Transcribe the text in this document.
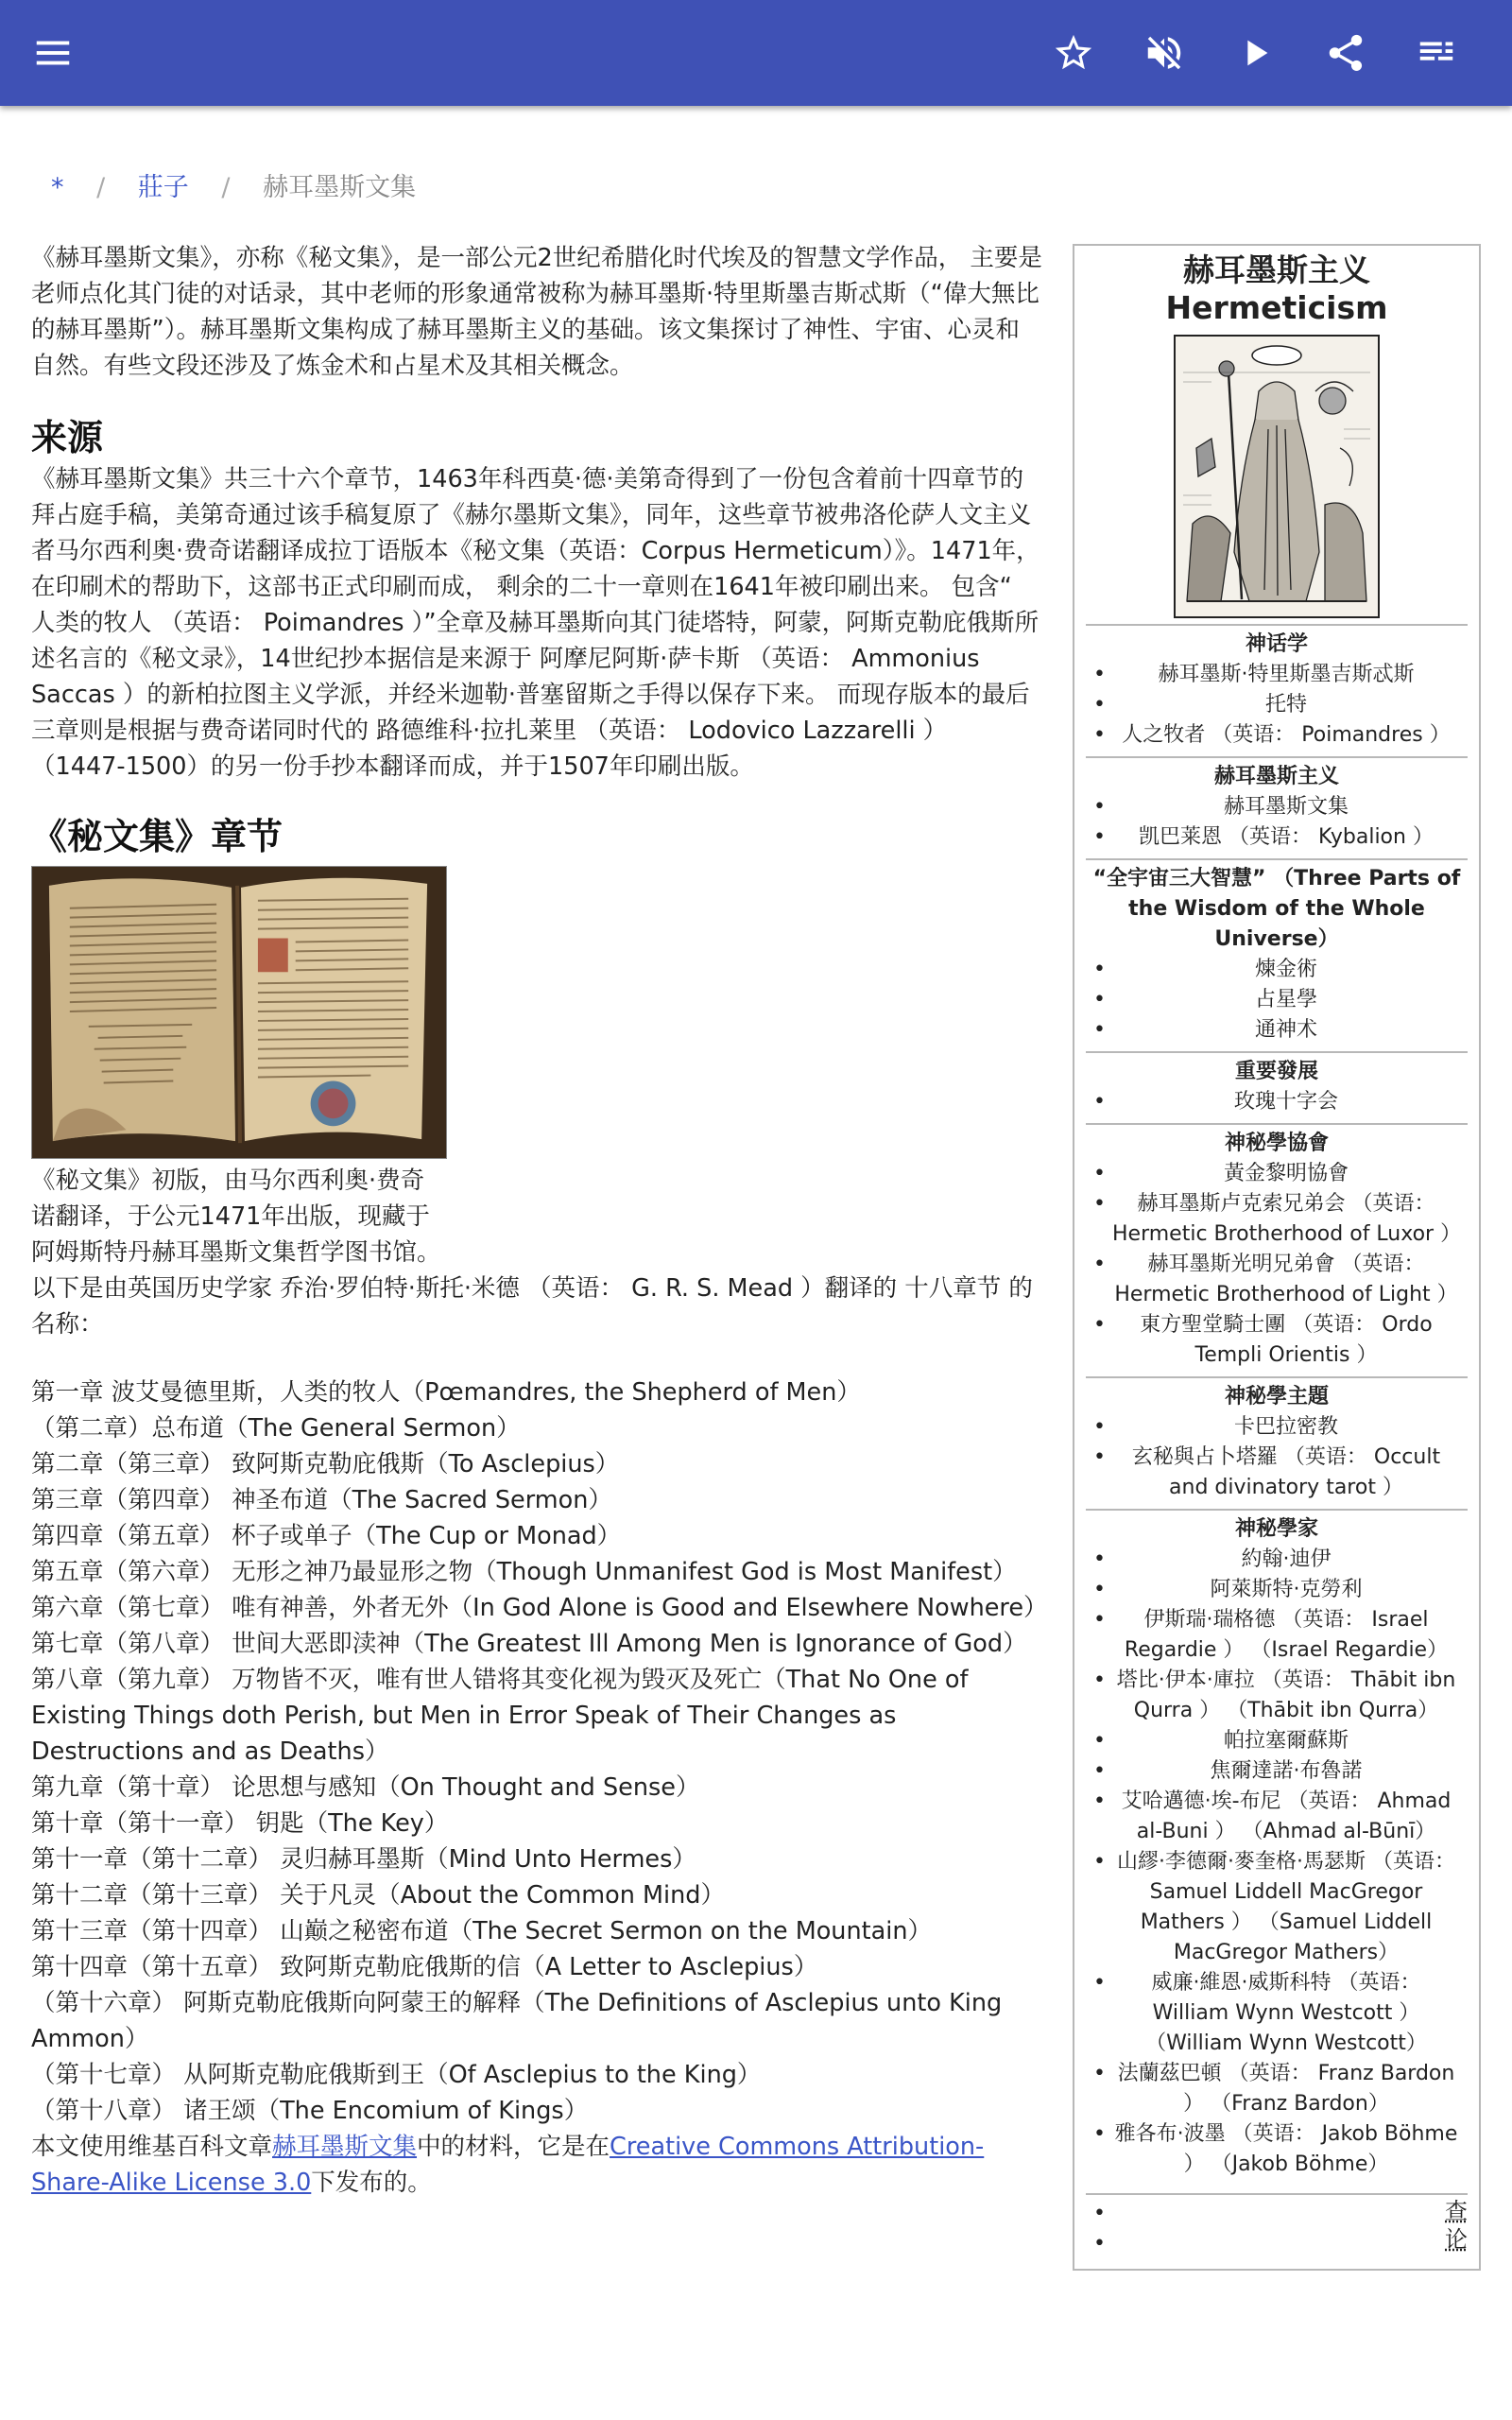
* / 莊子 / 赫耳墨斯文集

《赫耳墨斯文集》，亦称《秘文集》，是一部公元2世纪希腊化时代埃及的智慧文学作品， 主要是老师点化其门徒的对话录，其中老师的形象通常被称为赫耳墨斯·特里斯墨吉斯忒斯（“偉大無比的赫耳墨斯”）。赫耳墨斯文集构成了赫耳墨斯主义的基础。该文集探讨了神性、宇宙、心灵和自然。有些文段还涉及了炼金术和占星术及其相关概念。

来源

《赫耳墨斯文集》共三十六个章节，1463年科西莫·德·美第奇得到了一份包含着前十四章节的拜占庭手稿，美第奇通过该手稿复原了《赫尔墨斯文集》，同年，这些章节被弗洛伦萨人文主义者马尔西利奥·费奇诺翻译成拉丁语版本《秘文集（英语：Corpus Hermeticum）》。1471年，在印刷术的帮助下，这部书正式印刷而成， 剩余的二十一章则在1641年被印刷出来。 包含“ 人类的牧人 （英语： Poimandres ）”全章及赫耳墨斯向其门徒塔特，阿蒙，阿斯克勒庇俄斯所述名言的《秘文录》，14世纪抄本据信是来源于 阿摩尼阿斯·萨卡斯 （英语： Ammonius Saccas ）的新柏拉图主义学派，并经米迦勒·普塞留斯之手得以保存下来。 而现存版本的最后三章则是根据与费奇诺同时代的 路德维科·拉扎莱里 （英语： Lodovico Lazzarelli ） （1447-1500）的另一份手抄本翻译而成，并于1507年印刷出版。

《秘文集》章节
《秘文集》初版，由马尔西利奥·费奇诺翻译，于公元1471年出版，现藏于阿姆斯特丹赫耳墨斯文集哲学图书馆。

以下是由英国历史学家 乔治·罗伯特·斯托·米德 （英语： G. R. S. Mead ）翻译的 十八章节 的名称：

第一章 波艾曼德里斯，人类的牧人（Pœmandres, the Shepherd of Men）
（第二章）总布道（The General Sermon）
第二章（第三章） 致阿斯克勒庇俄斯（To Asclepius）
第三章（第四章） 神圣布道（The Sacred Sermon）
第四章（第五章） 杯子或单子（The Cup or Monad）
第五章（第六章） 无形之神乃最显形之物（Though Unmanifest God is Most Manifest）
第六章（第七章） 唯有神善，外者无外（In God Alone is Good and Elsewhere Nowhere）
第七章（第八章） 世间大恶即渎神（The Greatest Ill Among Men is Ignorance of God）
第八章（第九章） 万物皆不灭，唯有世人错将其变化视为毁灭及死亡（That No One of Existing Things doth Perish, but Men in Error Speak of Their Changes as Destructions and as Deaths）
第九章（第十章） 论思想与感知（On Thought and Sense）
第十章（第十一章） 钥匙（The Key）
第十一章（第十二章） 灵归赫耳墨斯（Mind Unto Hermes）
第十二章（第十三章） 关于凡灵（About the Common Mind）
第十三章（第十四章） 山巅之秘密布道（The Secret Sermon on the Mountain）
第十四章（第十五章） 致阿斯克勒庇俄斯的信（A Letter to Asclepius）
（第十六章） 阿斯克勒庇俄斯向阿蒙王的解释（The Definitions of Asclepius unto King Ammon）
（第十七章） 从阿斯克勒庇俄斯到王（Of Asclepius to the King）
（第十八章） 诸王颂（The Encomium of Kings）

本文使用维基百科文章赫耳墨斯文集中的材料，它是在Creative Commons Attribution-Share-Alike License 3.0下发布的。

赫耳墨斯主义
Hermeticism
神话学
• 赫耳墨斯·特里斯墨吉斯忒斯
• 托特
• 人之牧者 （英语： Poimandres ）
赫耳墨斯主义
• 赫耳墨斯文集
• 凯巴莱恩 （英语： Kybalion ）
“全宇宙三大智慧” （Three Parts of the Wisdom of the Whole Universe）
• 煉金術
• 占星學
• 通神术
重要發展
• 玫瑰十字会
神秘學協會
• 黃金黎明協會
• 赫耳墨斯卢克索兄弟会 （英语： Hermetic Brotherhood of Luxor ）
• 赫耳墨斯光明兄弟會 （英语： Hermetic Brotherhood of Light ）
• 東方聖堂騎士團 （英语： Ordo Templi Orientis ）
神秘學主題
• 卡巴拉密教
• 玄秘與占卜塔羅 （英语： Occult and divinatory tarot ）
神秘學家
• 約翰·迪伊
• 阿萊斯特·克勞利
• 伊斯瑞·瑞格德 （英语： Israel Regardie ） （Israel Regardie）
• 塔比·伊本·庫拉 （英语： Thābit ibn Qurra ） （Thābit ibn Qurra）
• 帕拉塞爾蘇斯
• 焦爾達諾·布魯諾
• 艾哈邁德·埃-布尼 （英语： Ahmad al-Buni ） （Ahmad al-Būnī）
• 山繆·李德爾·麥奎格·馬瑟斯 （英语： Samuel Liddell MacGregor Mathers ） （Samuel Liddell MacGregor Mathers）
• 威廉·維恩·威斯科特 （英语： William Wynn Westcott ） （William Wynn Westcott）
• 法蘭茲巴頓 （英语： Franz Bardon ） （Franz Bardon）
• 雅各布·波墨 （英语： Jakob Böhme ） （Jakob Böhme）
•
•
查
论
